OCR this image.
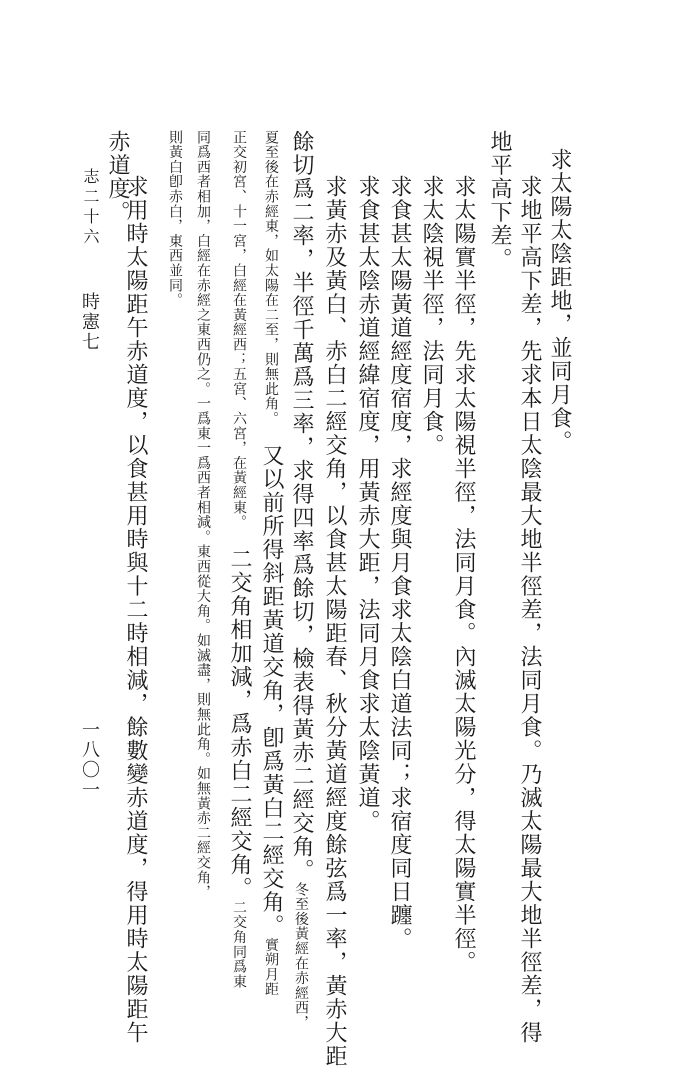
求太陽太陰距地，並同月食。
求地平高下差，先求本日太陰最大地半徑差，法同月食。乃滅太陽最大地半徑差，得
地平高下差。
求太陽實半徑，先求太陽視半徑，法同月食。內滅太陽光分，得太陽實半徑。
求太陰視半徑，法同月食。
求食甚太陽黃道經度宿度，求經度與月食求太陰白道法同；求宿度同日躔。
求食甚太陰赤道經緯宿度，用黃赤大距，法同月食求太陰黃道。
求黃赤及黃白、赤白二經交角，以食甚太陽距春、秋分黃道經度餘弦爲一率，黃赤大距
餘切爲二率，半徑千萬爲三率，求得四率爲餘切，檢表得黃赤二經交角。冬至後黃經在赤經西，
夏至後在赤經東，如太陽在二至，則無此角。又以前所得斜距黃道交角，卽爲黃白二經交角。實朔月距
正交初宮、十一宮，白經在黃經西；五宮、六宮，在黃經東。二交角相加減，爲赤白二經交角。二交角同爲東
同爲西者相加，白經在赤經之東西仍之。一爲東一爲西者相減。東西從大角。如滅盡，則無此角。如無黃赤二經交角，
則黃白卽赤白，東西並同。
赤道度。
求用時太陽距午赤道度，以食甚用時與十二時相減，餘數變赤道度，得用時太陽距午
志二十六
時憲七
一八〇一
